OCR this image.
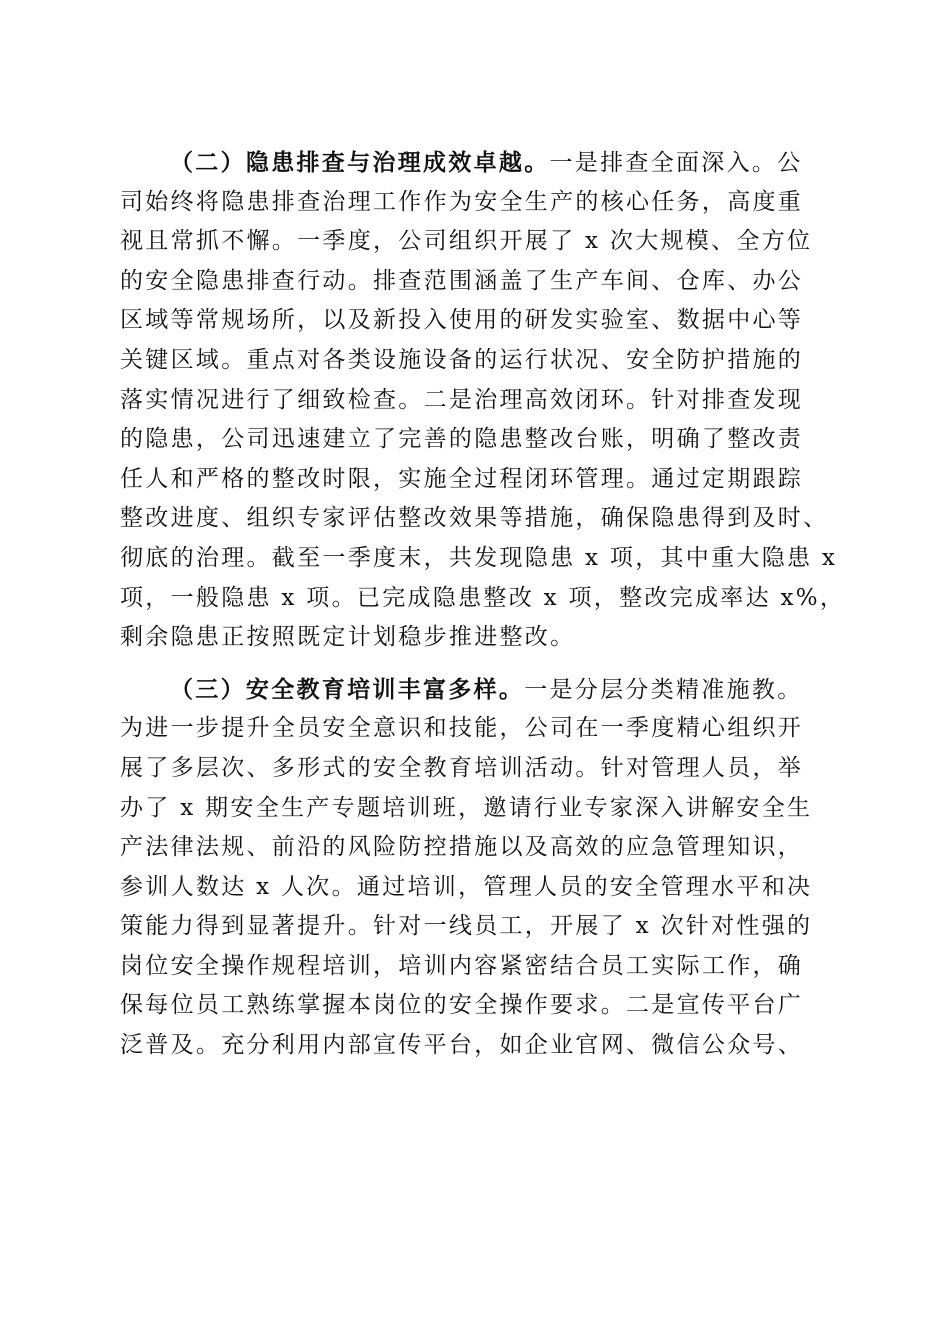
（二）隐患排查与治理成效卓越。一是排查全面深入。公
司始终将隐患排查治理工作作为安全生产的核心任务，高度重
视且常抓不懈。一季度，公司组织开展了 x 次大规模、全方位
的安全隐患排查行动。排查范围涵盖了生产车间、仓库、办公
区域等常规场所，以及新投入使用的研发实验室、数据中心等
关键区域。重点对各类设施设备的运行状况、安全防护措施的
落实情况进行了细致检查。二是治理高效闭环。针对排查发现
的隐患，公司迅速建立了完善的隐患整改台账，明确了整改责
任人和严格的整改时限，实施全过程闭环管理。通过定期跟踪
整改进度、组织专家评估整改效果等措施，确保隐患得到及时、
彻底的治理。截至一季度末，共发现隐患 x 项，其中重大隐患 x
项，一般隐患 x 项。已完成隐患整改 x 项，整改完成率达 x%，
剩余隐患正按照既定计划稳步推进整改。
（三）安全教育培训丰富多样。一是分层分类精准施教。
为进一步提升全员安全意识和技能，公司在一季度精心组织开
展了多层次、多形式的安全教育培训活动。针对管理人员，举
办了 x 期安全生产专题培训班，邀请行业专家深入讲解安全生
产法律法规、前沿的风险防控措施以及高效的应急管理知识，
参训人数达 x 人次。通过培训，管理人员的安全管理水平和决
策能力得到显著提升。针对一线员工，开展了 x 次针对性强的
岗位安全操作规程培训，培训内容紧密结合员工实际工作，确
保每位员工熟练掌握本岗位的安全操作要求。二是宣传平台广
泛普及。充分利用内部宣传平台，如企业官网、微信公众号、
